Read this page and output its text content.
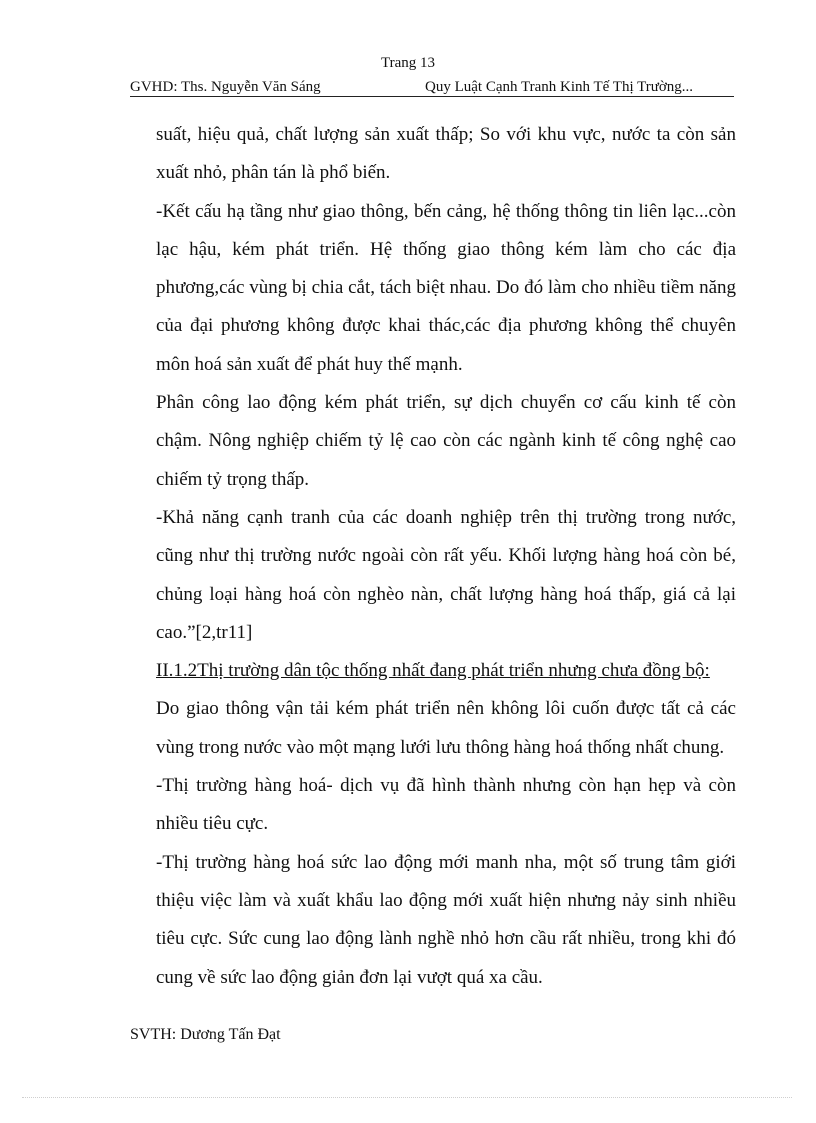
Trang 13
GVHD: Ths. Nguyễn Văn Sáng	Quy Luật Cạnh Tranh Kinh Tế Thị Trường...

suất, hiệu quả, chất lượng sản xuất thấp; So với khu vực, nước ta còn sản xuất nhỏ, phân tán là phổ biến.

-Kết cấu hạ tầng như giao thông, bến cảng, hệ thống thông tin liên lạc...còn lạc hậu, kém phát triển. Hệ thống giao thông kém làm cho các địa phương,các vùng bị chia cắt, tách biệt nhau. Do đó làm cho nhiều tiềm năng của đại phương không được khai thác,các địa phương không thể chuyên môn hoá sản xuất để phát huy thế mạnh.

Phân công lao động kém phát triển, sự dịch chuyển cơ cấu kinh tế còn chậm. Nông nghiệp chiếm tỷ lệ cao còn các ngành kinh tế công nghệ cao chiếm tỷ trọng thấp.

-Khả năng cạnh tranh của các doanh nghiệp trên thị trường trong nước, cũng như thị trường nước ngoài còn rất yếu. Khối lượng hàng hoá còn bé, chủng loại hàng hoá còn nghèo nàn, chất lượng hàng hoá thấp, giá cả lại cao.”[2,tr11]

II.1.2Thị trường dân tộc thống nhất đang phát triển nhưng chưa đồng bộ:

Do giao thông vận tải kém phát triển nên không lôi cuốn được tất cả các vùng trong nước vào một mạng lưới lưu thông hàng hoá thống nhất chung.

-Thị trường hàng hoá- dịch vụ đã hình thành nhưng còn hạn hẹp và còn nhiều tiêu cực.

-Thị trường hàng hoá sức lao động mới manh nha, một số trung tâm giới thiệu việc làm và xuất khẩu lao động mới xuất hiện nhưng nảy sinh nhiều tiêu cực. Sức cung lao động lành nghề nhỏ hơn cầu rất nhiều, trong khi đó cung về sức lao động giản đơn lại vượt quá xa cầu.

SVTH: Dương Tấn Đạt
